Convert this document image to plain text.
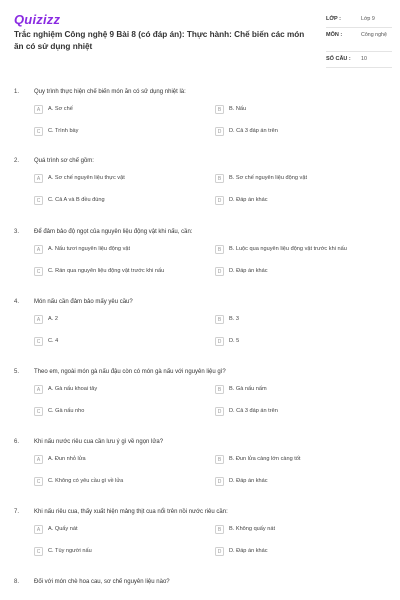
Quizizz
Trắc nghiệm Công nghệ 9 Bài 8 (có đáp án): Thực hành: Chế biến các món ăn có sử dụng nhiệt
LỚP :	Lớp 9
MÔN :	Công nghệ
SỐ CÂU : 10
1. Quy trình thực hiện chế biến món ăn có sử dụng nhiệt là:
A	A. Sơ chế	B	B. Nấu
C	C. Trình bày	D	D. Cả 3 đáp án trên
2. Quá trình sơ chế gồm:
A	A. Sơ chế nguyên liệu thực vật	B	B. Sơ chế nguyên liệu động vật
C	C. Cả A và B đều đúng	D	D. Đáp án khác
3. Để đảm bảo độ ngọt của nguyên liệu động vật khi nấu, cần:
A	A. Nấu tươi nguyên liệu động vật	B	B. Luộc qua nguyên liệu động vật trước khi nấu
C	C. Rán qua nguyên liệu động vật trước khi nấu	D	D. Đáp án khác
4. Món nấu cần đảm bảo mấy yêu cầu?
A	A. 2	B	B. 3
C	C. 4	D	D. 5
5. Theo em, ngoài món gà nấu đậu còn có món gà nấu với nguyên liệu gì?
A	A. Gà nấu khoai tây	B	B. Gà nấu nấm
C	C. Gà nấu nho	D	D. Cả 3 đáp án trên
6. Khi nấu nước riêu cua cần lưu ý gì về ngọn lửa?
A	A. Đun nhỏ lửa	B	B. Đun lửa càng lớn càng tốt
C	C. Không có yêu cầu gì về lửa	D	D. Đáp án khác
7. Khi nấu riêu cua, thấy xuất hiện mảng thịt cua nổi trên nồi nước riêu cần:
A	A. Quấy nát	B	B. Không quấy nát
C	C. Tùy người nấu	D	D. Đáp án khác
8. Đối với món chè hoa cau, sơ chế nguyên liệu nào?
